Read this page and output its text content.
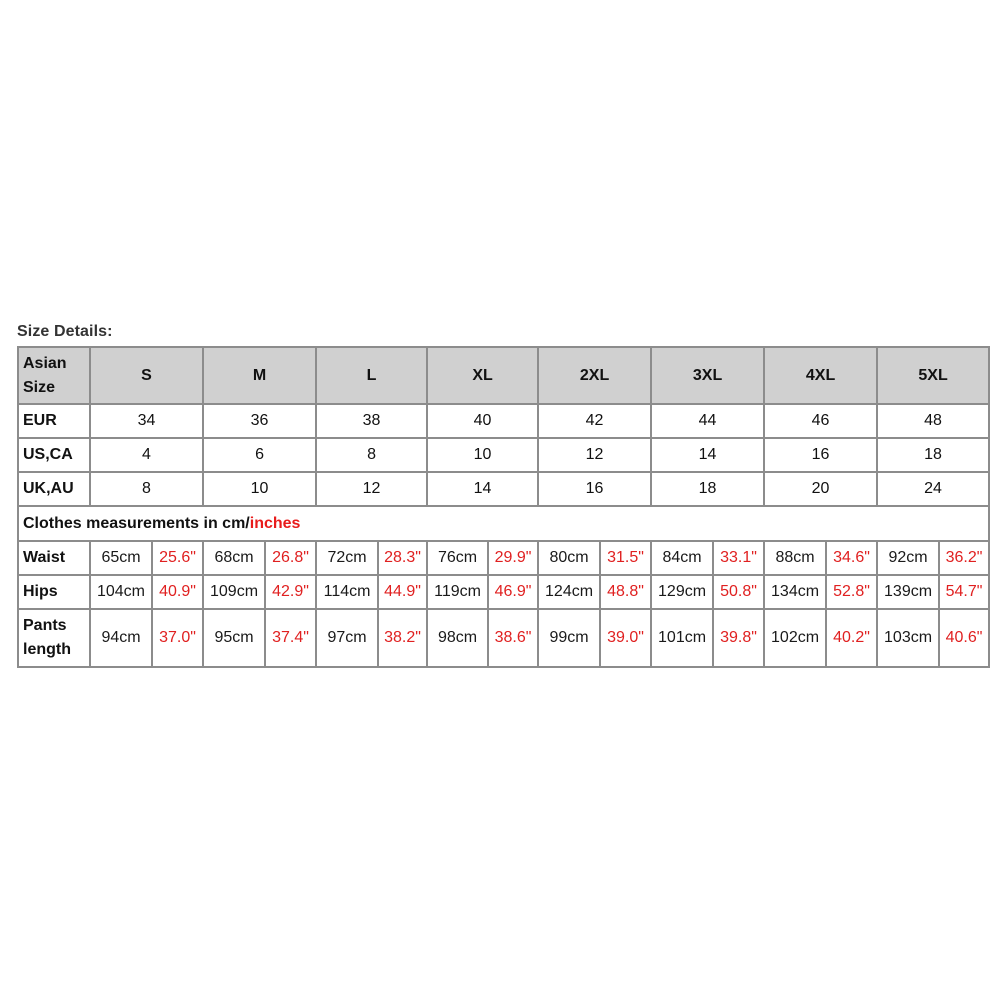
Size Details:
Asian Size	S		M		L		XL		2XL		3XL		4XL		5XL	
EUR	34		36		38		40		42		44		46		48	
US,CA	4		6		8		10		12		14		16		18	
UK,AU	8		10		12		14		16		18		20		24	
Clothes measurements in cm/inches																
Waist	65cm	25.6"	68cm	26.8"	72cm	28.3"	76cm	29.9"	80cm	31.5"	84cm	33.1"	88cm	34.6"	92cm	36.2"
Hips	104cm	40.9"	109cm	42.9"	114cm	44.9"	119cm	46.9"	124cm	48.8"	129cm	50.8"	134cm	52.8"	139cm	54.7"
Pants length	94cm	37.0"	95cm	37.4"	97cm	38.2"	98cm	38.6"	99cm	39.0"	101cm	39.8"	102cm	40.2"	103cm	40.6"
